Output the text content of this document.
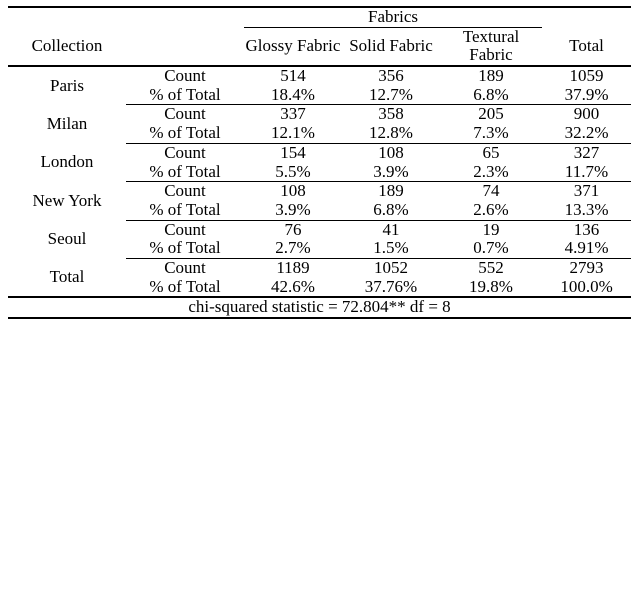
		Fabrics			
Collection		Glossy Fabric	Solid Fabric	Textural Fabric	Total
Paris	Count	514	356	189	1059
	% of Total	18.4%	12.7%	6.8%	37.9%
Milan	Count	337	358	205	900
	% of Total	12.1%	12.8%	7.3%	32.2%
London	Count	154	108	65	327
	% of Total	5.5%	3.9%	2.3%	11.7%
New York	Count	108	189	74	371
	% of Total	3.9%	6.8%	2.6%	13.3%
Seoul	Count	76	41	19	136
	% of Total	2.7%	1.5%	0.7%	4.91%
Total	Count	1189	1052	552	2793
	% of Total	42.6%	37.76%	19.8%	100.0%
chi-squared statistic = 72.804** df = 8					
